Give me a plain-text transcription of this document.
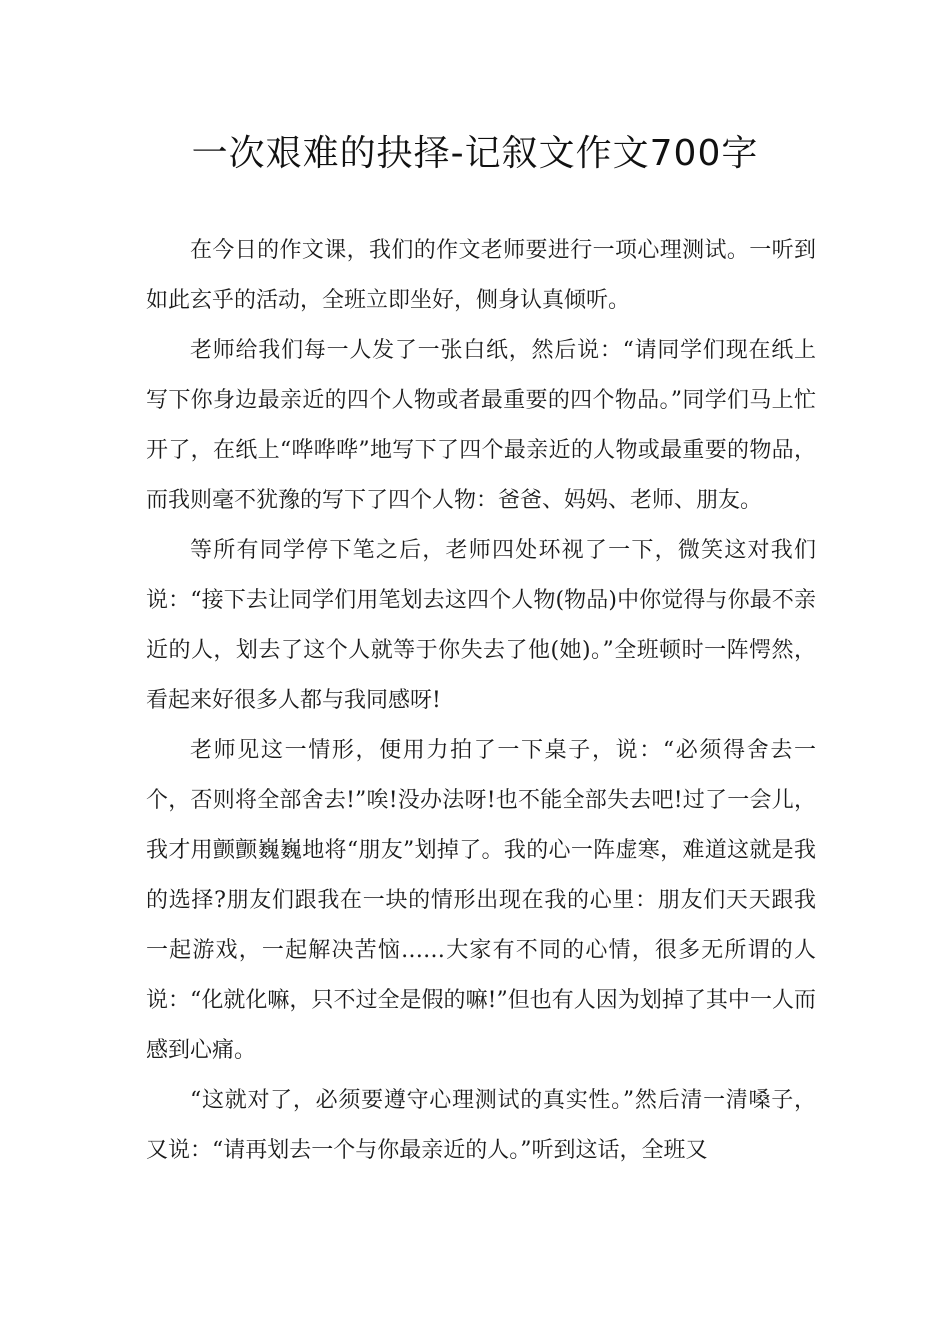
一次艰难的抉择-记叙文作文700字

在今日的作文课，我们的作文老师要进行一项心理测试。一听到如此玄乎的活动，全班立即坐好，侧身认真倾听。

老师给我们每一人发了一张白纸，然后说：“请同学们现在纸上写下你身边最亲近的四个人物或者最重要的四个物品。”同学们马上忙开了，在纸上“哗哗哗”地写下了四个最亲近的人物或最重要的物品，而我则毫不犹豫的写下了四个人物：爸爸、妈妈、老师、朋友。

等所有同学停下笔之后，老师四处环视了一下，微笑这对我们说：“接下去让同学们用笔划去这四个人物(物品)中你觉得与你最不亲近的人，划去了这个人就等于你失去了他(她)。”全班顿时一阵愕然，看起来好很多人都与我同感呀!

老师见这一情形，便用力拍了一下桌子，说：“必须得舍去一个，否则将全部舍去!”唉!没办法呀!也不能全部失去吧!过了一会儿，我才用颤颤巍巍地将“朋友”划掉了。我的心一阵虚寒，难道这就是我的选择?朋友们跟我在一块的情形出现在我的心里：朋友们天天跟我一起游戏，一起解决苦恼……大家有不同的心情，很多无所谓的人说：“化就化嘛，只不过全是假的嘛!”但也有人因为划掉了其中一人而感到心痛。

“这就对了，必须要遵守心理测试的真实性。”然后清一清嗓子，又说：“请再划去一个与你最亲近的人。”听到这话，全班又
